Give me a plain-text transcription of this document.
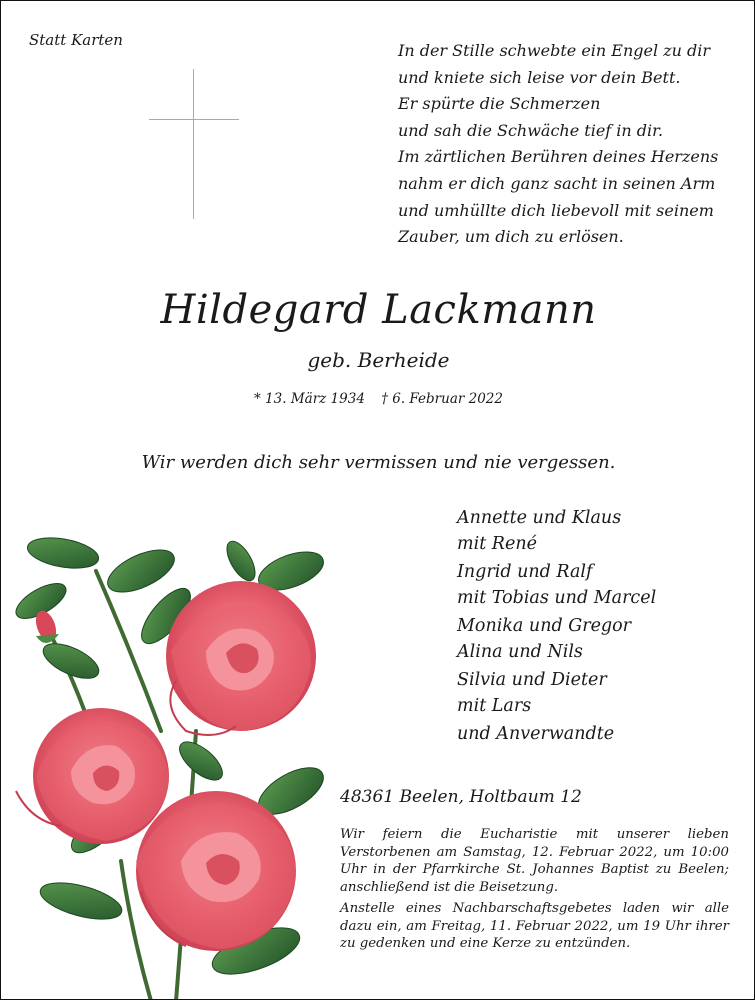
Statt Karten
In der Stille schwebte ein Engel zu dir
und kniete sich leise vor dein Bett.
Er spürte die Schmerzen
und sah die Schwäche tief in dir.
Im zärtlichen Berühren deines Herzens
nahm er dich ganz sacht in seinen Arm
und umhüllte dich liebevoll mit seinem
Zauber, um dich zu erlösen.
Hildegard Lackmann
geb. Berheide
* 13. März 1934 † 6. Februar 2022
Wir werden dich sehr vermissen und nie vergessen.
Annette und Klaus
mit René
Ingrid und Ralf
mit Tobias und Marcel
Monika und Gregor
Alina und Nils
Silvia und Dieter
mit Lars
und Anverwandte
48361 Beelen, Holtbaum 12

Wir feiern die Eucharistie mit unserer lieben Verstorbenen am Samstag, 12. Februar 2022, um 10:00 Uhr in der Pfarrkirche St. Johannes Baptist zu Beelen; anschließend ist die Beisetzung.

Anstelle eines Nachbarschaftsgebetes laden wir alle dazu ein, am Freitag, 11. Februar 2022, um 19 Uhr ihrer zu gedenken und eine Kerze zu entzünden.
